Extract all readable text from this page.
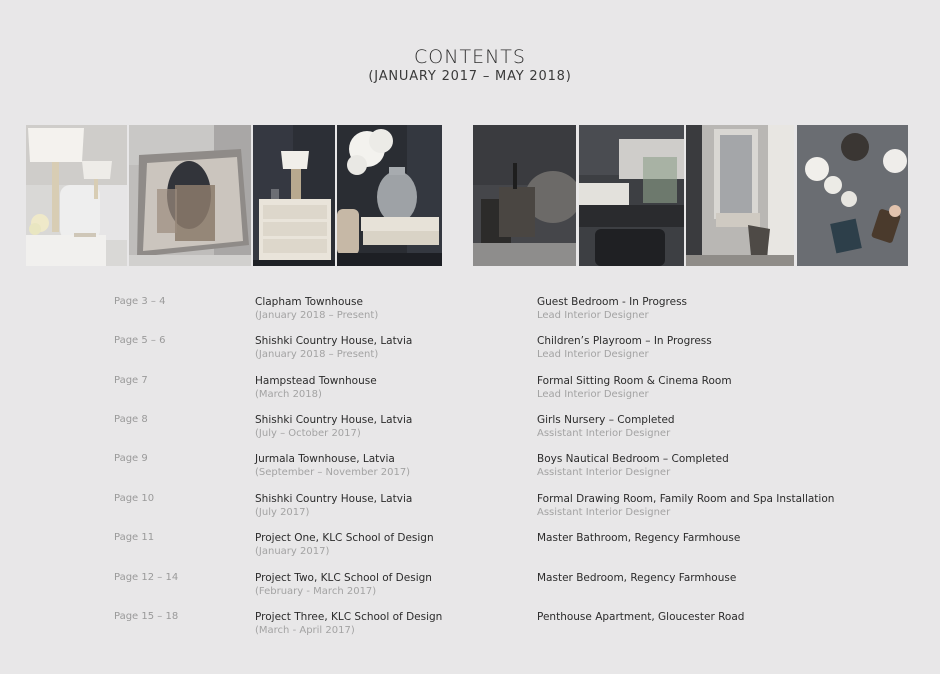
CONTENTS
(JANUARY 2017 – MAY 2018)
Page 3 – 4	Clapham Townhouse
(January 2018 – Present)
Guest Bedroom - In Progress
Lead Interior Designer
Page 5 – 6	Shishki Country House, Latvia
(January 2018 – Present)
Children’s Playroom – In Progress
Lead Interior Designer
Page 7	Hampstead Townhouse
(March 2018)
Formal Sitting Room & Cinema Room
Lead Interior Designer
Page 8	Shishki Country House, Latvia
(July – October 2017)
Girls Nursery – Completed
Assistant Interior Designer
Page 9	Jurmala Townhouse, Latvia
(September – November 2017)
Boys Nautical Bedroom – Completed
Assistant Interior Designer
Page 10	Shishki Country House, Latvia
(July 2017)
Formal Drawing Room, Family Room and Spa Installation
Assistant Interior Designer
Page 11	Project One, KLC School of Design
(January 2017)
Master Bathroom, Regency Farmhouse
Page 12 – 14	Project Two, KLC School of Design
(February - March 2017)
Master Bedroom, Regency Farmhouse
Page 15 – 18	Project Three, KLC School of Design
(March - April 2017)
Penthouse Apartment, Gloucester Road
